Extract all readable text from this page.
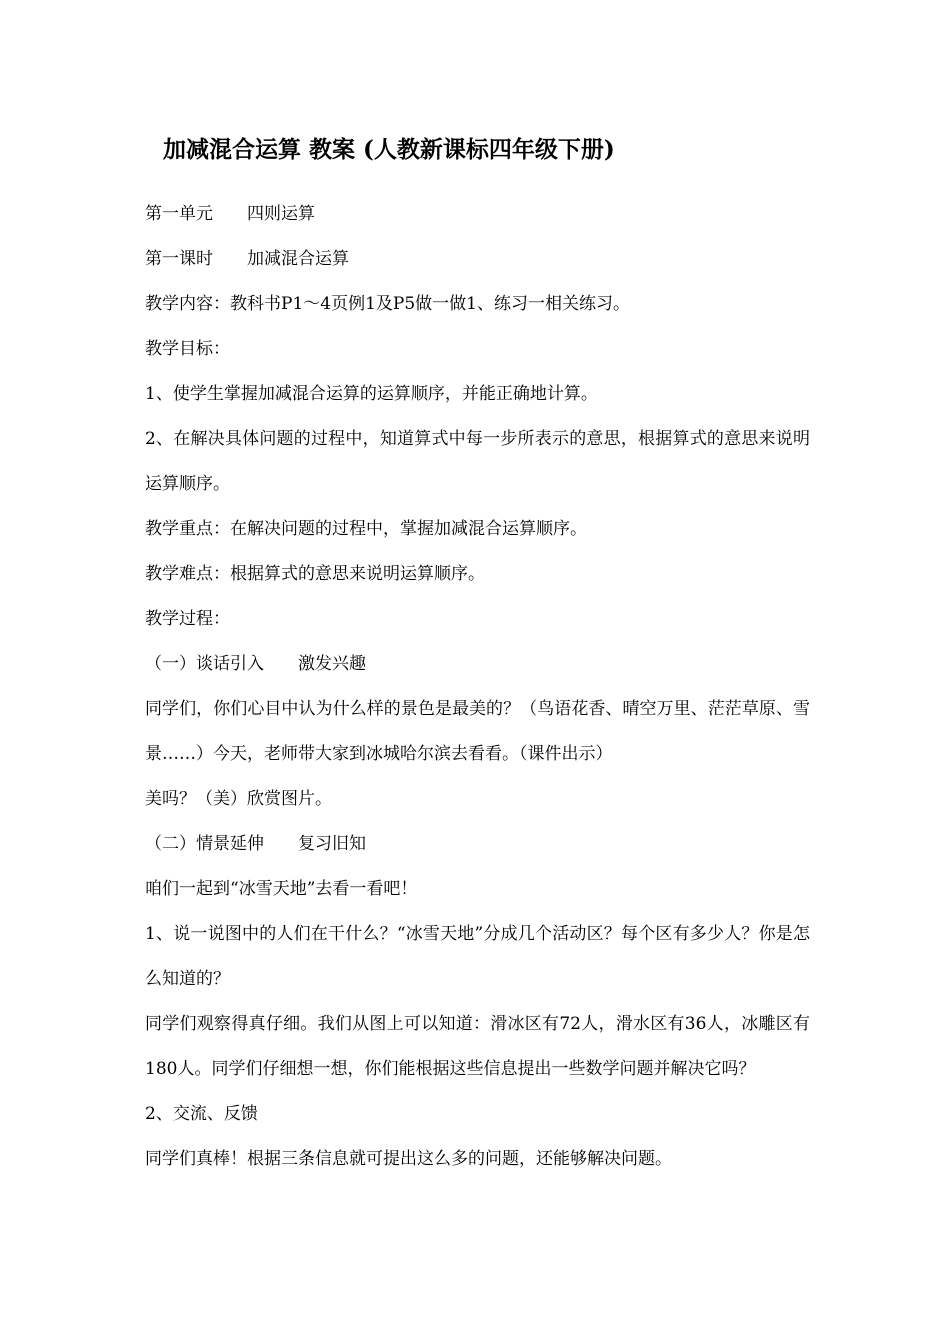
加减混合运算 教案 (人教新课标四年级下册)

第一单元　　四则运算

第一课时　　加减混合运算

教学内容：教科书P1～4页例1及P5做一做1、练习一相关练习。

教学目标：

1、使学生掌握加减混合运算的运算顺序，并能正确地计算。

2、在解决具体问题的过程中，知道算式中每一步所表示的意思，根据算式的意思来说明运算顺序。

教学重点：在解决问题的过程中，掌握加减混合运算顺序。

教学难点：根据算式的意思来说明运算顺序。

教学过程：

（一）谈话引入　　激发兴趣

同学们，你们心目中认为什么样的景色是最美的？（鸟语花香、晴空万里、茫茫草原、雪景……）今天，老师带大家到冰城哈尔滨去看看。（课件出示）

美吗？（美）欣赏图片。

（二）情景延伸　　复习旧知

咱们一起到“冰雪天地”去看一看吧！

1、说一说图中的人们在干什么？“冰雪天地”分成几个活动区？每个区有多少人？你是怎么知道的？

同学们观察得真仔细。我们从图上可以知道：滑冰区有72人，滑水区有36人，冰雕区有180人。同学们仔细想一想，你们能根据这些信息提出一些数学问题并解决它吗？

2、交流、反馈

同学们真棒！根据三条信息就可提出这么多的问题，还能够解决问题。
